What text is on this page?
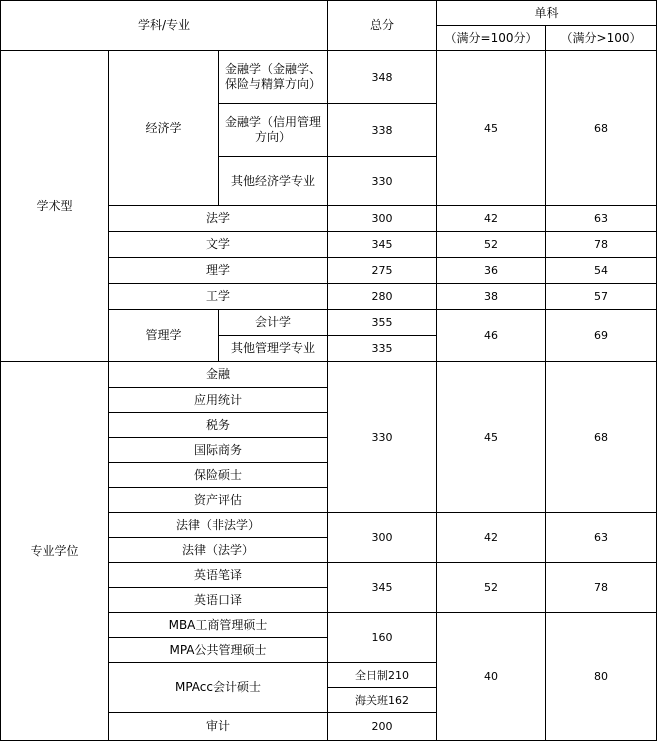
学科/专业			总分	单科	
				（满分=100分）	（满分>100）
学术型	经济学	金融学（金融学、保险与精算方向）	348	45	68
		金融学（信用管理方向）	338		
		其他经济学专业	330		
	法学		300	42	63
	文学		345	52	78
	理学		275	36	54
	工学		280	38	57
	管理学	会计学	355	46	69
		其他管理学专业	335		
专业学位	金融		330	45	68
	应用统计				
	税务				
	国际商务				
	保险硕士				
	资产评估				
	法律（非法学）		300	42	63
	法律（法学）				
	英语笔译		345	52	78
	英语口译				
	MBA工商管理硕士		160	40	80
	MPA公共管理硕士				
	MPAcc会计硕士		全日制210		
			海关班162		
	审计		200		
